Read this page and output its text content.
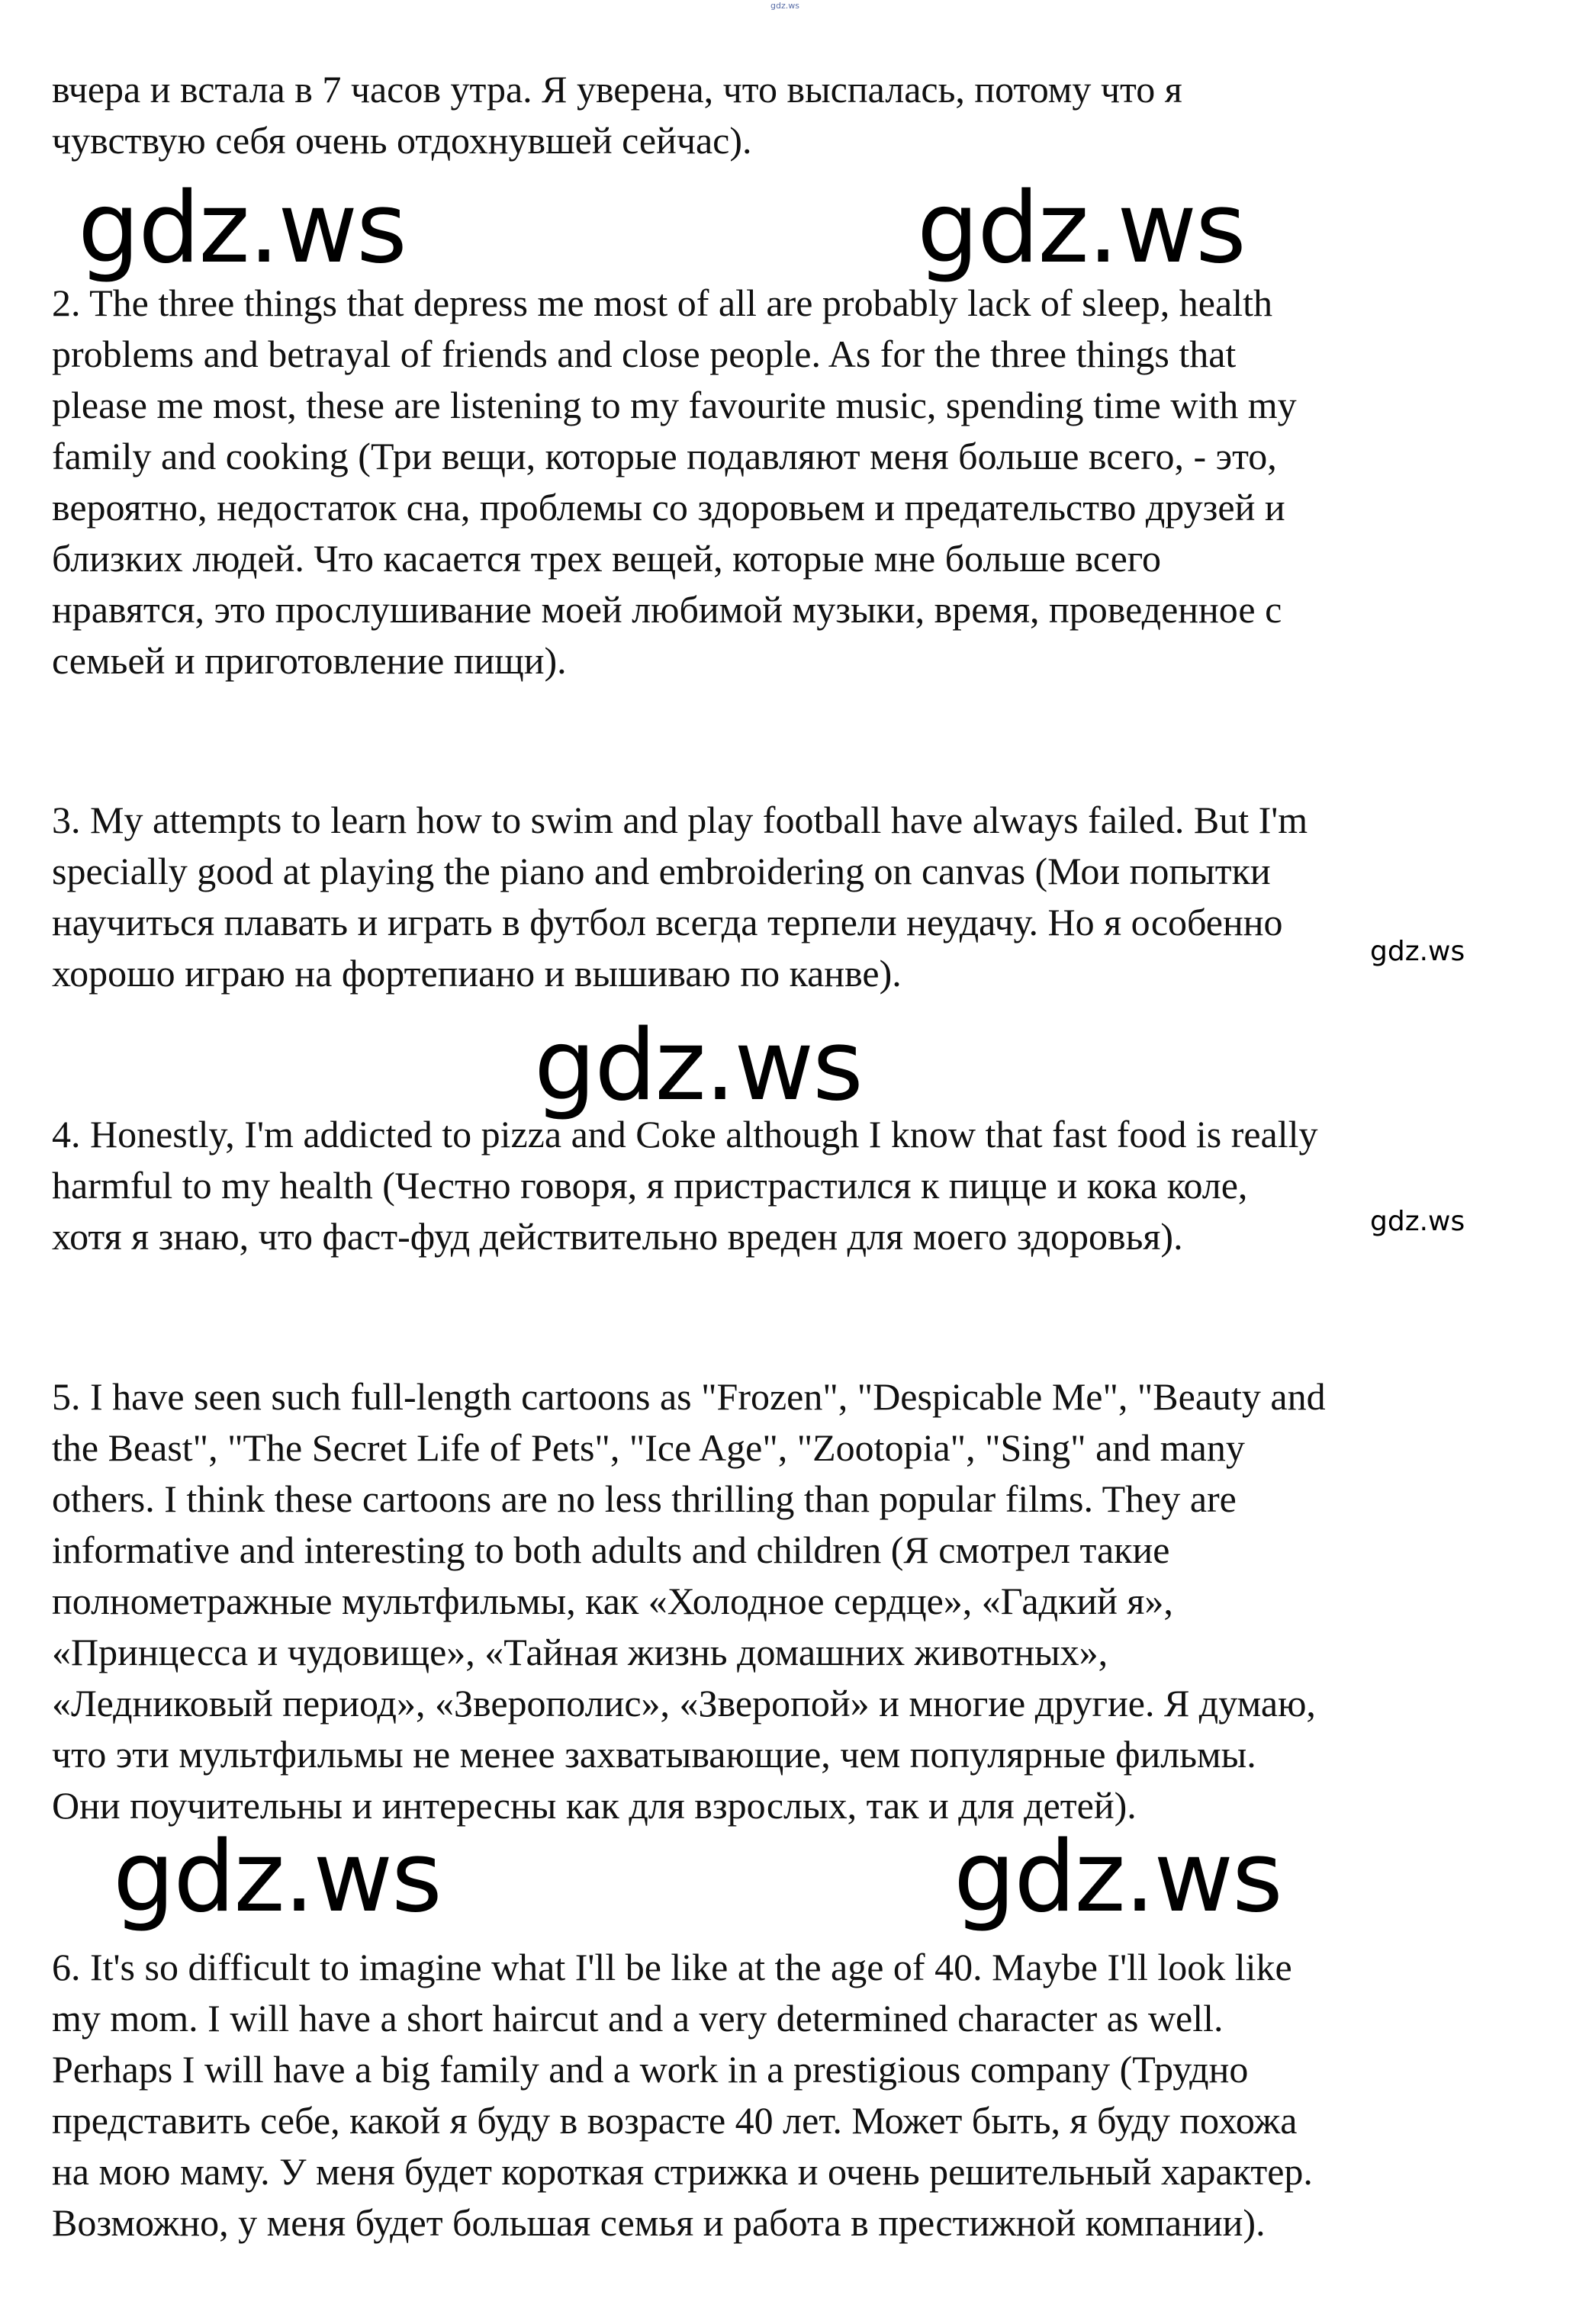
gdz.ws

вчера и встала в 7 часов утра. Я уверена, что выспалась, потому что я
чувствую себя очень отдохнувшей сейчас).

gdz.ws	gdz.ws

2. The three things that depress me most of all are probably lack of sleep, health
problems and betrayal of friends and close people. As for the three things that
please me most, these are listening to my favourite music, spending time with my
family and cooking (Три вещи, которые подавляют меня больше всего, - это,
вероятно, недостаток сна, проблемы со здоровьем и предательство друзей и
близких людей. Что касается трех вещей, которые мне больше всего
нравятся, это прослушивание моей любимой музыки, время, проведенное с
семьей и приготовление пищи).

3. My attempts to learn how to swim and play football have always failed. But I'm
specially good at playing the piano and embroidering on canvas (Мои попытки
научиться плавать и играть в футбол всегда терпели неудачу. Но я особенно
хорошо играю на фортепиано и вышиваю по канве).

gdz.ws
gdz.ws

4. Honestly, I'm addicted to pizza and Coke although I know that fast food is really
harmful to my health (Честно говоря, я пристрастился к пицце и кока коле,
хотя я знаю, что фаст-фуд действительно вреден для моего здоровья).	gdz.ws

5. I have seen such full-length cartoons as "Frozen", "Despicable Me", "Beauty and
the Beast", "The Secret Life of Pets", "Ice Age", "Zootopia", "Sing" and many
others. I think these cartoons are no less thrilling than popular films. They are
informative and interesting to both adults and children (Я смотрел такие
полнометражные мультфильмы, как «Холодное сердце», «Гадкий я»,
«Принцесса и чудовище», «Тайная жизнь домашних животных»,
«Ледниковый период», «Зверополис», «Зверопой» и многие другие. Я думаю,
что эти мультфильмы не менее захватывающие, чем популярные фильмы.
Они поучительны и интересны как для взрослых, так и для детей).

gdz.ws	gdz.ws

6. It's so difficult to imagine what I'll be like at the age of 40. Maybe I'll look like
my mom. I will have a short haircut and a very determined character as well.
Perhaps I will have a big family and a work in a prestigious company (Трудно
представить себе, какой я буду в возрасте 40 лет. Может быть, я буду похожа
на мою маму. У меня будет короткая стрижка и очень решительный характер.
Возможно, у меня будет большая семья и работа в престижной компании).
